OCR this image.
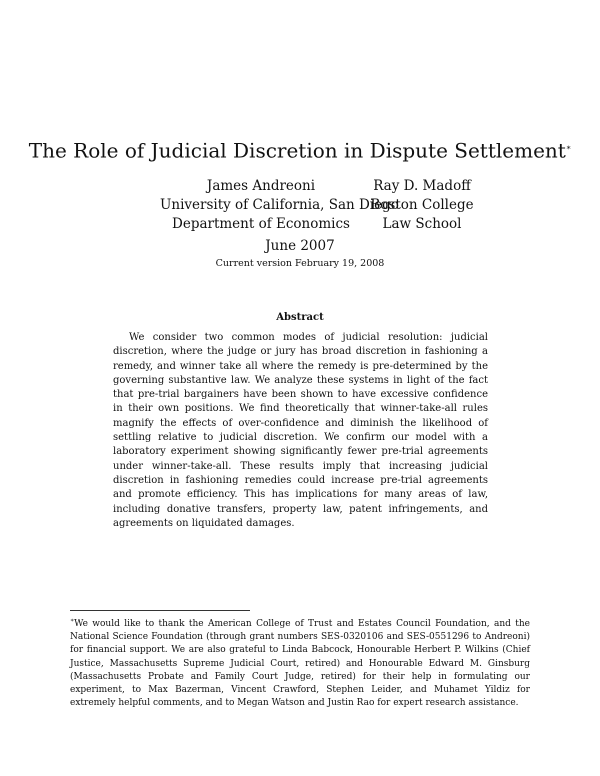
The Role of Judicial Discretion in Dispute Settlement∗
James Andreoni
University of California, San Diego
Department of Economics
Ray D. Madoff
Boston College
Law School
June 2007
Current version February 19, 2008
Abstract

We consider two common modes of judicial resolution: judicial discretion, where the judge or jury has broad discretion in fashioning a remedy, and winner take all where the remedy is pre-determined by the governing substantive law. We analyze these systems in light of the fact that pre-trial bargainers have been shown to have excessive confidence in their own positions. We find theoretically that winner-take-all rules magnify the effects of over-confidence and diminish the likelihood of settling relative to judicial discretion. We confirm our model with a laboratory experiment showing significantly fewer pre-trial agreements under winner-take-all. These results imply that increasing judicial discretion in fashioning remedies could increase pre-trial agreements and promote efficiency. This has implications for many areas of law, including donative transfers, property law, patent infringements, and agreements on liquidated damages.

∗We would like to thank the American College of Trust and Estates Council Foundation, and the National Science Foundation (through grant numbers SES-0320106 and SES-0551296 to Andreoni) for financial support. We are also grateful to Linda Babcock, Honourable Herbert P. Wilkins (Chief Justice, Massachusetts Supreme Judicial Court, retired) and Honourable Edward M. Ginsburg (Massachusetts Probate and Family Court Judge, retired) for their help in formulating our experiment, to Max Bazerman, Vincent Crawford, Stephen Leider, and Muhamet Yildiz for extremely helpful comments, and to Megan Watson and Justin Rao for expert research assistance.
